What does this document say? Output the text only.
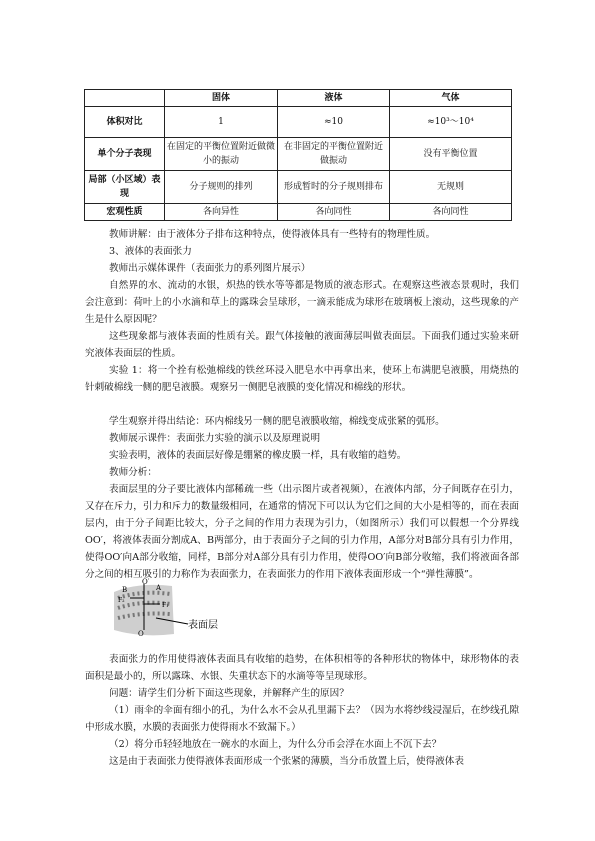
	固体	液体	气体
体积对比	1	≈10	≈10³～10⁴
单个分子表现	在固定的平衡位置附近做微小的振动	在非固定的平衡位置附近做振动	没有平衡位置
局部（小区域）表现	分子规则的排列	形成暂时的分子规则排布	无规则
宏观性质	各向异性	各向同性	各向同性

教师讲解：由于液体分子排布这种特点，使得液体具有一些特有的物理性质。

3、液体的表面张力

教师出示媒体课件（表面张力的系列图片展示）

自然界的水、流动的水银，炽热的铁水等等都是物质的液态形式。在观察这些液态景观时，我们会注意到：荷叶上的小水滴和草上的露珠会呈球形，一滴汞能成为球形在玻璃板上滚动，这些现象的产生是什么原因呢？

这些现象都与液体表面的性质有关。跟气体接触的液面薄层叫做表面层。下面我们通过实验来研究液体表面层的性质。

实验 1：将一个拴有松弛棉线的铁丝环浸入肥皂水中再拿出来，使环上布满肥皂液膜，用烧热的针刺破棉线一侧的肥皂液膜。观察另一侧肥皂液膜的变化情况和棉线的形状。

学生观察并得出结论：环内棉线另一侧的肥皂液膜收缩，棉线变成张紧的弧形。

教师展示课件：表面张力实验的演示以及原理说明

实验表明，液体的表面层好像是绷紧的橡皮膜一样，具有收缩的趋势。

教师分析：

表面层里的分子要比液体内部稀疏一些（出示图片或者视频），在液体内部，分子间既存在引力，又存在斥力，引力和斥力的数量级相同，在通常的情况下可以认为它们之间的大小是相等的，而在表面层内，由于分子间距比较大，分子之间的作用力表现为引力，（如图所示）我们可以假想一个分界线OO′，将液体表面分割成A、B两部分，由于表面分子之间的引力作用，A部分对B部分具有引力作用，使得OO′向A部分收缩，同样，B部分对A部分具有引力作用，使得OO′向B部分收缩，我们将液面各部分之间的相互吸引的力称作为表面张力，在表面张力的作用下液体表面形成一个“弹性薄膜”。

B
O′
A
F₂
F₁
O
表面层

表面张力的作用使得液体表面具有收缩的趋势，在体积相等的各种形状的物体中，球形物体的表面积是最小的，所以露珠、水银、失重状态下的水滴等等呈现球形。

问题：请学生们分析下面这些现象，并解释产生的原因？

（1）雨伞的伞面有细小的孔，为什么水不会从孔里漏下去？（因为水将纱线浸湿后，在纱线孔隙中形成水膜，水膜的表面张力使得雨水不致漏下。）

（2）将分币轻轻地放在一碗水的水面上，为什么分币会浮在水面上不沉下去？

这是由于表面张力使得液体表面形成一个张紧的薄膜，当分币放置上后，使得液体表
